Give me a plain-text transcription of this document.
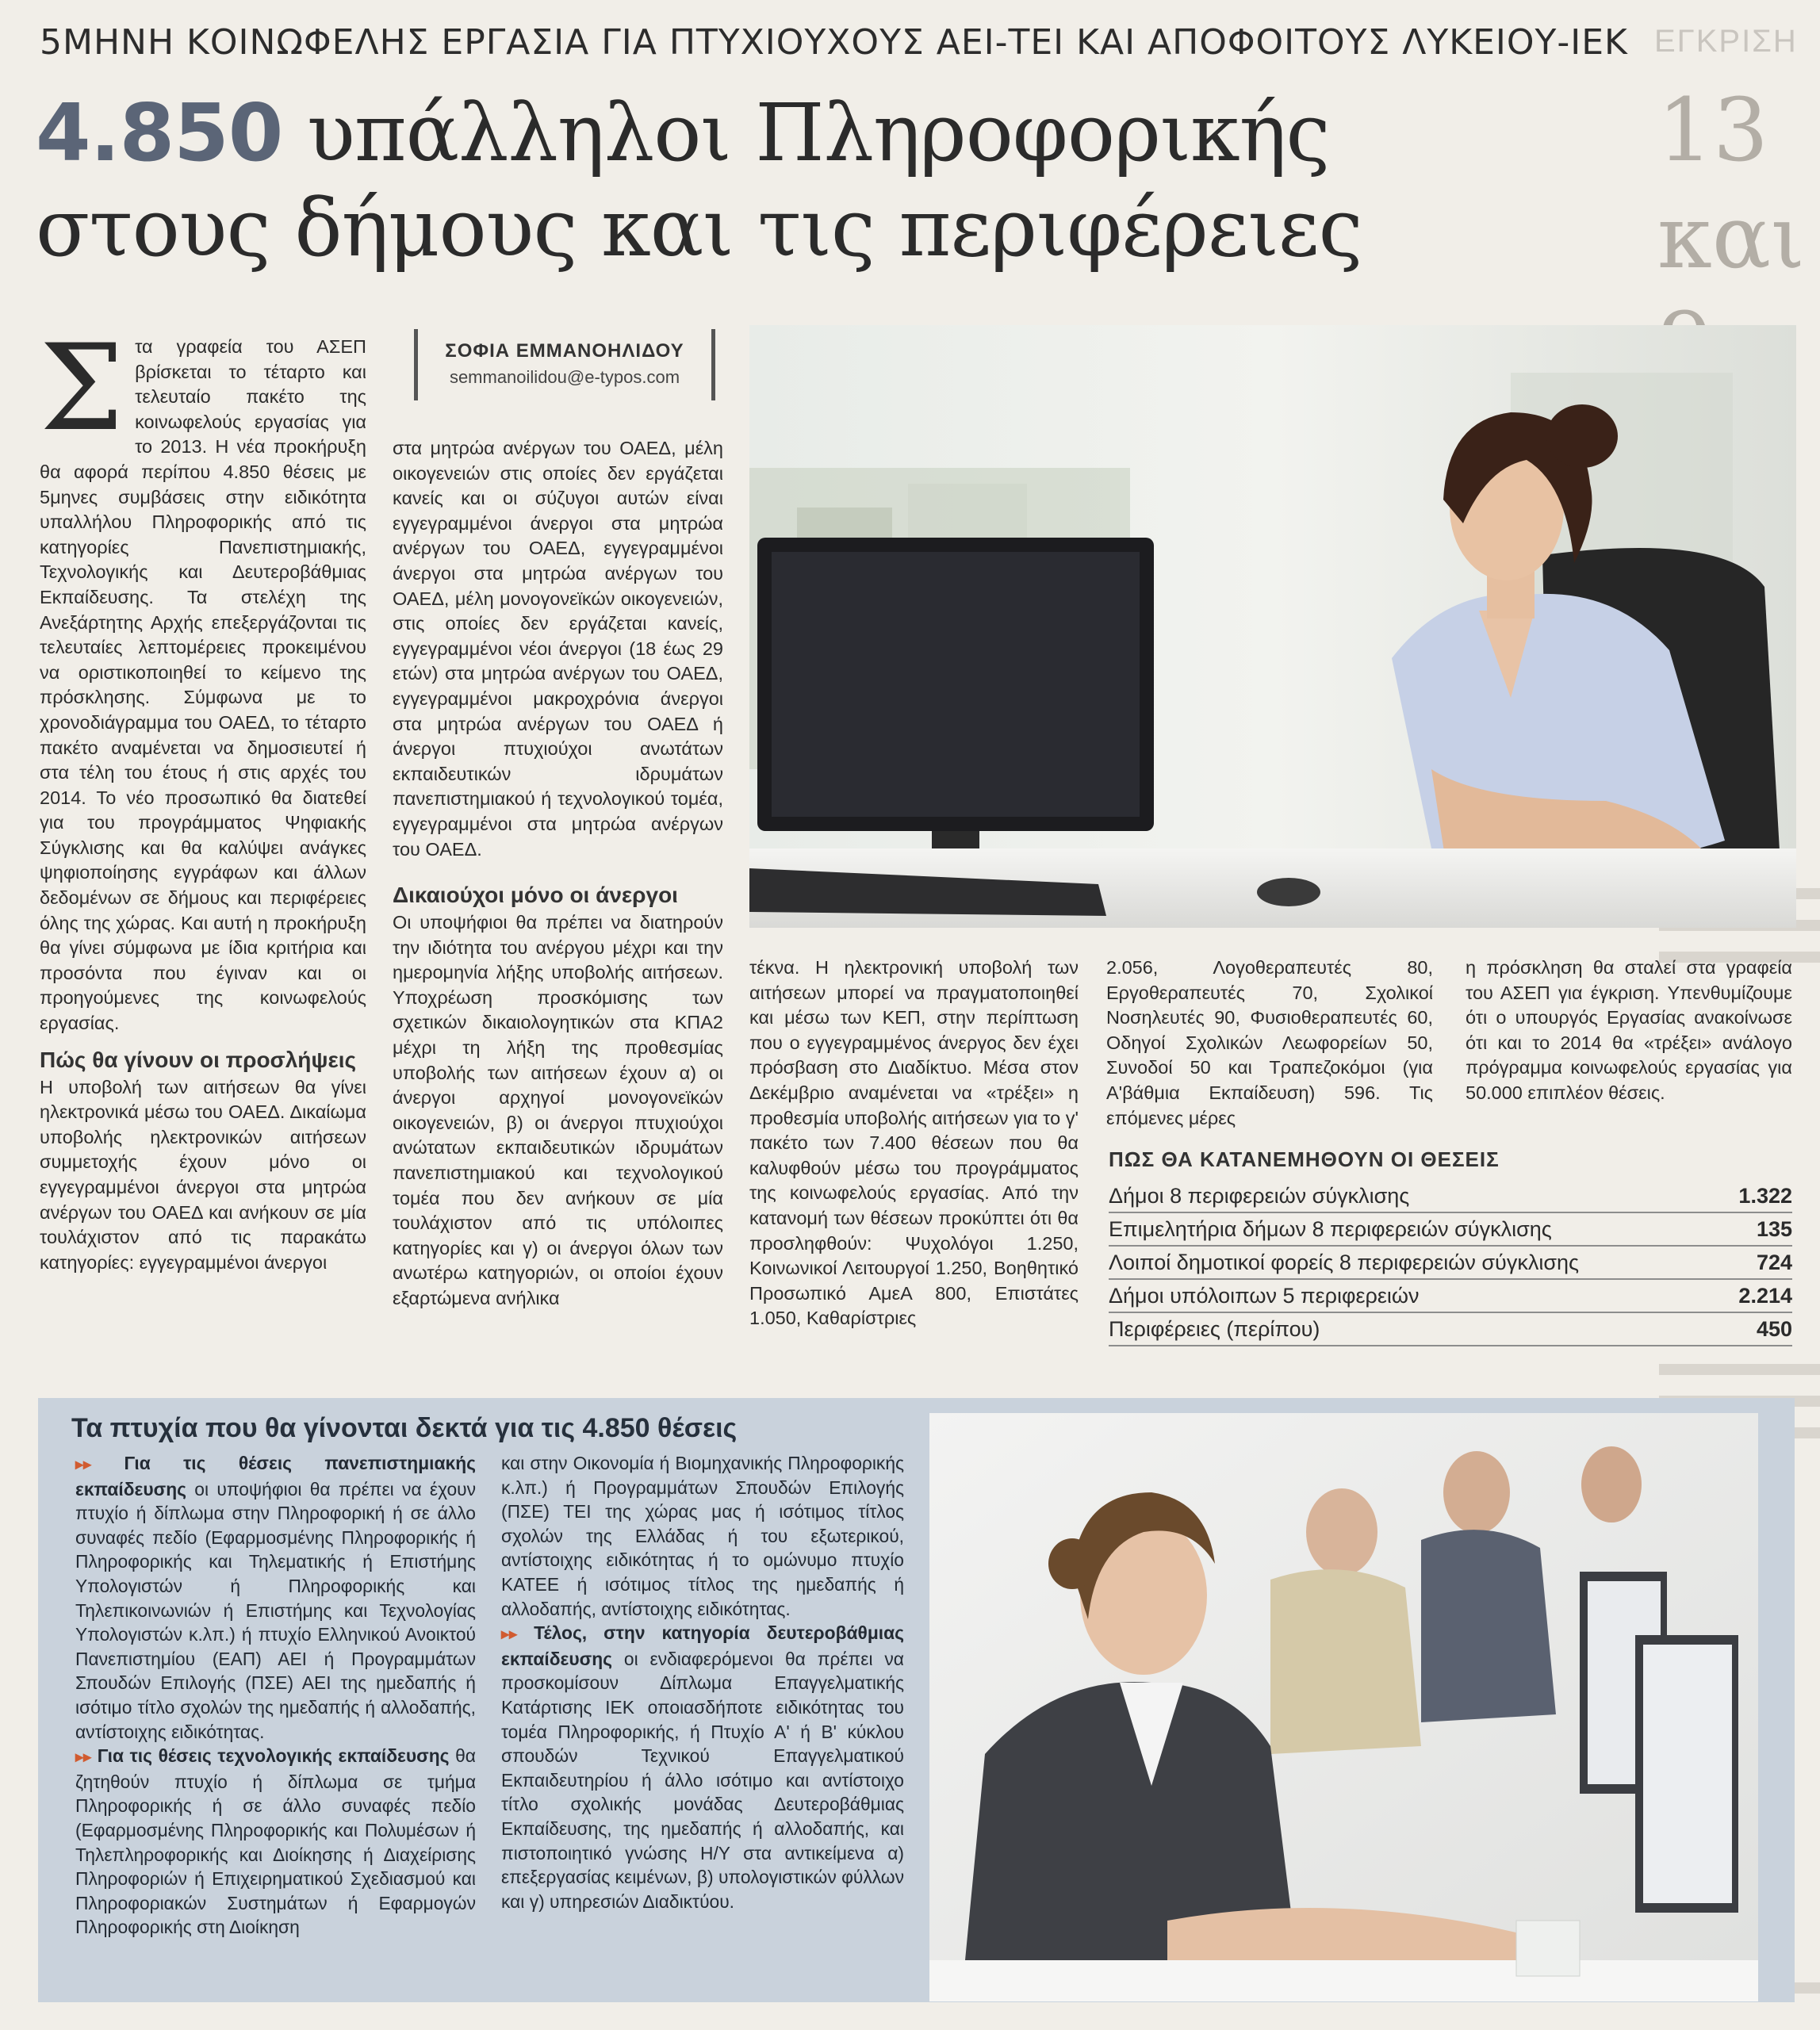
5ΜΗΝΗ ΚΟΙΝΩΦΕΛΗΣ ΕΡΓΑΣΙΑ ΓΙΑ ΠΤΥΧΙΟΥΧΟΥΣ ΑΕΙ-ΤΕΙ ΚΑΙ ΑΠΟΦΟΙΤΟΥΣ ΛΥΚΕΙΟΥ-ΙΕΚ
4.850 υπάλληλοι Πληροφορικής
στους δήμους και τις περιφέρειες
ΕΓΚΡΙΣΗ
13
και
ΣΟΦΙΑ ΕΜΜΑΝΟΗΛΙΔΟΥ
semmanoilidou@e-typos.com
Σ τα γραφεία του ΑΣΕΠ βρίσκεται το τέταρτο και τελευταίο πακέτο της κοινωφελούς εργασίας για το 2013. Η νέα προκήρυξη θα αφορά περίπου 4.850 θέσεις με 5μηνες συμβάσεις στην ειδικότητα υπαλλήλου Πληροφορικής από τις κατηγορίες Πανεπιστημιακής, Τεχνολογικής και Δευτεροβάθμιας Εκπαίδευσης. Τα στελέχη της Ανεξάρτητης Αρχής επεξεργάζονται τις τελευταίες λεπτομέρειες προκειμένου να οριστικοποιηθεί το κείμενο της πρόσκλησης. Σύμφωνα με το χρονοδιάγραμμα του ΟΑΕΔ, το τέταρτο πακέτο αναμένεται να δημοσιευτεί ή στα τέλη του έτους ή στις αρχές του 2014. Το νέο προσωπικό θα διατεθεί για του προγράμματος Ψηφιακής Σύγκλισης και θα καλύψει ανάγκες ψηφιοποίησης εγγράφων και άλλων δεδομένων σε δήμους και περιφέρειες όλης της χώρας. Και αυτή η προκήρυξη θα γίνει σύμφωνα με ίδια κριτήρια και προσόντα που έγιναν και οι προηγούμενες της κοινωφελούς εργασίας.

Πώς θα γίνουν οι προσλήψεις

Η υποβολή των αιτήσεων θα γίνει ηλεκτρονικά μέσω του ΟΑΕΔ. Δικαίωμα υποβολής ηλεκτρονικών αιτήσεων συμμετοχής έχουν μόνο οι εγγεγραμμένοι άνεργοι στα μητρώα ανέργων του ΟΑΕΔ και ανήκουν σε μία τουλάχιστον από τις παρακάτω κατηγορίες: εγγεγραμμένοι άνεργοι

στα μητρώα ανέργων του ΟΑΕΔ, μέλη οικογενειών στις οποίες δεν εργάζεται κανείς και οι σύζυγοι αυτών είναι εγγεγραμμένοι άνεργοι στα μητρώα ανέργων του ΟΑΕΔ, εγγεγραμμένοι άνεργοι στα μητρώα ανέργων του ΟΑΕΔ, μέλη μονογονεϊκών οικογενειών, στις οποίες δεν εργάζεται κανείς, εγγεγραμμένοι νέοι άνεργοι (18 έως 29 ετών) στα μητρώα ανέργων του ΟΑΕΔ, εγγεγραμμένοι μακροχρόνια άνεργοι στα μητρώα ανέργων του ΟΑΕΔ ή άνεργοι πτυχιούχοι ανωτάτων εκπαιδευτικών ιδρυμάτων πανεπιστημιακού ή τεχνολογικού τομέα, εγγεγραμμένοι στα μητρώα ανέργων του ΟΑΕΔ.

Δικαιούχοι μόνο οι άνεργοι

Οι υποψήφιοι θα πρέπει να διατηρούν την ιδιότητα του ανέργου μέχρι και την ημερομηνία λήξης υποβολής αιτήσεων. Υποχρέωση προσκόμισης των σχετικών δικαιολογητικών στα ΚΠΑ2 μέχρι τη λήξη της προθεσμίας υποβολής των αιτήσεων έχουν α) οι άνεργοι αρχηγοί μονογονεϊκών οικογενειών, β) οι άνεργοι πτυχιούχοι ανώτατων εκπαιδευτικών ιδρυμάτων πανεπιστημιακού και τεχνολογικού τομέα που δεν ανήκουν σε μία τουλάχιστον από τις υπόλοιπες κατηγορίες και γ) οι άνεργοι όλων των ανωτέρω κατηγοριών, οι οποίοι έχουν εξαρτώμενα ανήλικα

τέκνα. Η ηλεκτρονική υποβολή των αιτήσεων μπορεί να πραγματοποιηθεί και μέσω των ΚΕΠ, στην περίπτωση που ο εγγεγραμμένος άνεργος δεν έχει πρόσβαση στο Διαδίκτυο. Μέσα στον Δεκέμβριο αναμένεται να «τρέξει» η προθεσμία υποβολής αιτήσεων για το γ' πακέτο των 7.400 θέσεων που θα καλυφθούν μέσω του προγράμματος της κοινωφελούς εργασίας. Από την κατανομή των θέσεων προκύπτει ότι θα προσληφθούν: Ψυχολόγοι 1.250, Κοινωνικοί Λειτουργοί 1.250, Βοηθητικό Προσωπικό ΑμεΑ 800, Επιστάτες 1.050, Καθαρίστριες

2.056, Λογοθεραπευτές 80, Εργοθεραπευτές 70, Σχολικοί Νοσηλευτές 90, Φυσιοθεραπευτές 60, Οδηγοί Σχολικών Λεωφορείων 50, Συνοδοί 50 και Τραπεζοκόμοι (για Α'βάθμια Εκπαίδευση) 596. Τις επόμενες μέρες

η πρόσκληση θα σταλεί στα γραφεία του ΑΣΕΠ για έγκριση. Υπενθυμίζουμε ότι ο υπουργός Εργασίας ανακοίνωσε ότι και το 2014 θα «τρέξει» ανάλογο πρόγραμμα κοινωφελούς εργασίας για 50.000 επιπλέον θέσεις.

ΠΩΣ ΘΑ ΚΑΤΑΝΕΜΗΘΟΥΝ ΟΙ ΘΕΣΕΙΣ
Δήμοι 8 περιφερειών σύγκλισης	1.322
Επιμελητήρια δήμων 8 περιφερειών σύγκλισης	135
Λοιποί δημοτικοί φορείς 8 περιφερειών σύγκλισης	724
Δήμοι υπόλοιπων 5 περιφερειών	2.214
Περιφέρειες (περίπου)	450
Τα πτυχία που θα γίνονται δεκτά για τις 4.850 θέσεις

▸▸ Για τις θέσεις πανεπιστημιακής εκπαίδευσης οι υποψήφιοι θα πρέπει να έχουν πτυχίο ή δίπλωμα στην Πληροφορική ή σε άλλο συναφές πεδίο (Εφαρμοσμένης Πληροφορικής ή Πληροφορικής και Τηλεματικής ή Επιστήμης Υπολογιστών ή Πληροφορικής και Τηλεπικοινωνιών ή Επιστήμης και Τεχνολογίας Υπολογιστών κ.λπ.) ή πτυχίο Ελληνικού Ανοικτού Πανεπιστημίου (ΕΑΠ) ΑΕΙ ή Προγραμμάτων Σπουδών Επιλογής (ΠΣΕ) ΑΕΙ της ημεδαπής ή ισότιμο τίτλο σχολών της ημεδαπής ή αλλοδαπής, αντίστοιχης ειδικότητας.

▸▸ Για τις θέσεις τεχνολογικής εκπαίδευσης θα ζητηθούν πτυχίο ή δίπλωμα σε τμήμα Πληροφορικής ή σε άλλο συναφές πεδίο (Εφαρμοσμένης Πληροφορικής και Πολυμέσων ή Τηλεπληροφορικής και Διοίκησης ή Διαχείρισης Πληροφοριών ή Επιχειρηματικού Σχεδιασμού και Πληροφοριακών Συστημάτων ή Εφαρμογών Πληροφορικής στη Διοίκηση

και στην Οικονομία ή Βιομηχανικής Πληροφορικής κ.λπ.) ή Προγραμμάτων Σπουδών Επιλογής (ΠΣΕ) ΤΕΙ της χώρας μας ή ισότιμος τίτλος σχολών της Ελλάδας ή του εξωτερικού, αντίστοιχης ειδικότητας ή το ομώνυμο πτυχίο ΚΑΤΕΕ ή ισότιμος τίτλος της ημεδαπής ή αλλοδαπής, αντίστοιχης ειδικότητας.

▸▸ Τέλος, στην κατηγορία δευτεροβάθμιας εκπαίδευσης οι ενδιαφερόμενοι θα πρέπει να προσκομίσουν Δίπλωμα Επαγγελματικής Κατάρτισης ΙΕΚ οποιασδήποτε ειδικότητας του τομέα Πληροφορικής, ή Πτυχίο Α' ή Β' κύκλου σπουδών Τεχνικού Επαγγελματικού Εκπαιδευτηρίου ή άλλο ισότιμο και αντίστοιχο τίτλο σχολικής μονάδας Δευτεροβάθμιας Εκπαίδευσης, της ημεδαπής ή αλλοδαπής, και πιστοποιητικό γνώσης Η/Υ στα αντικείμενα α) επεξεργασίας κειμένων, β) υπολογιστικών φύλλων και γ) υπηρεσιών Διαδικτύου.
